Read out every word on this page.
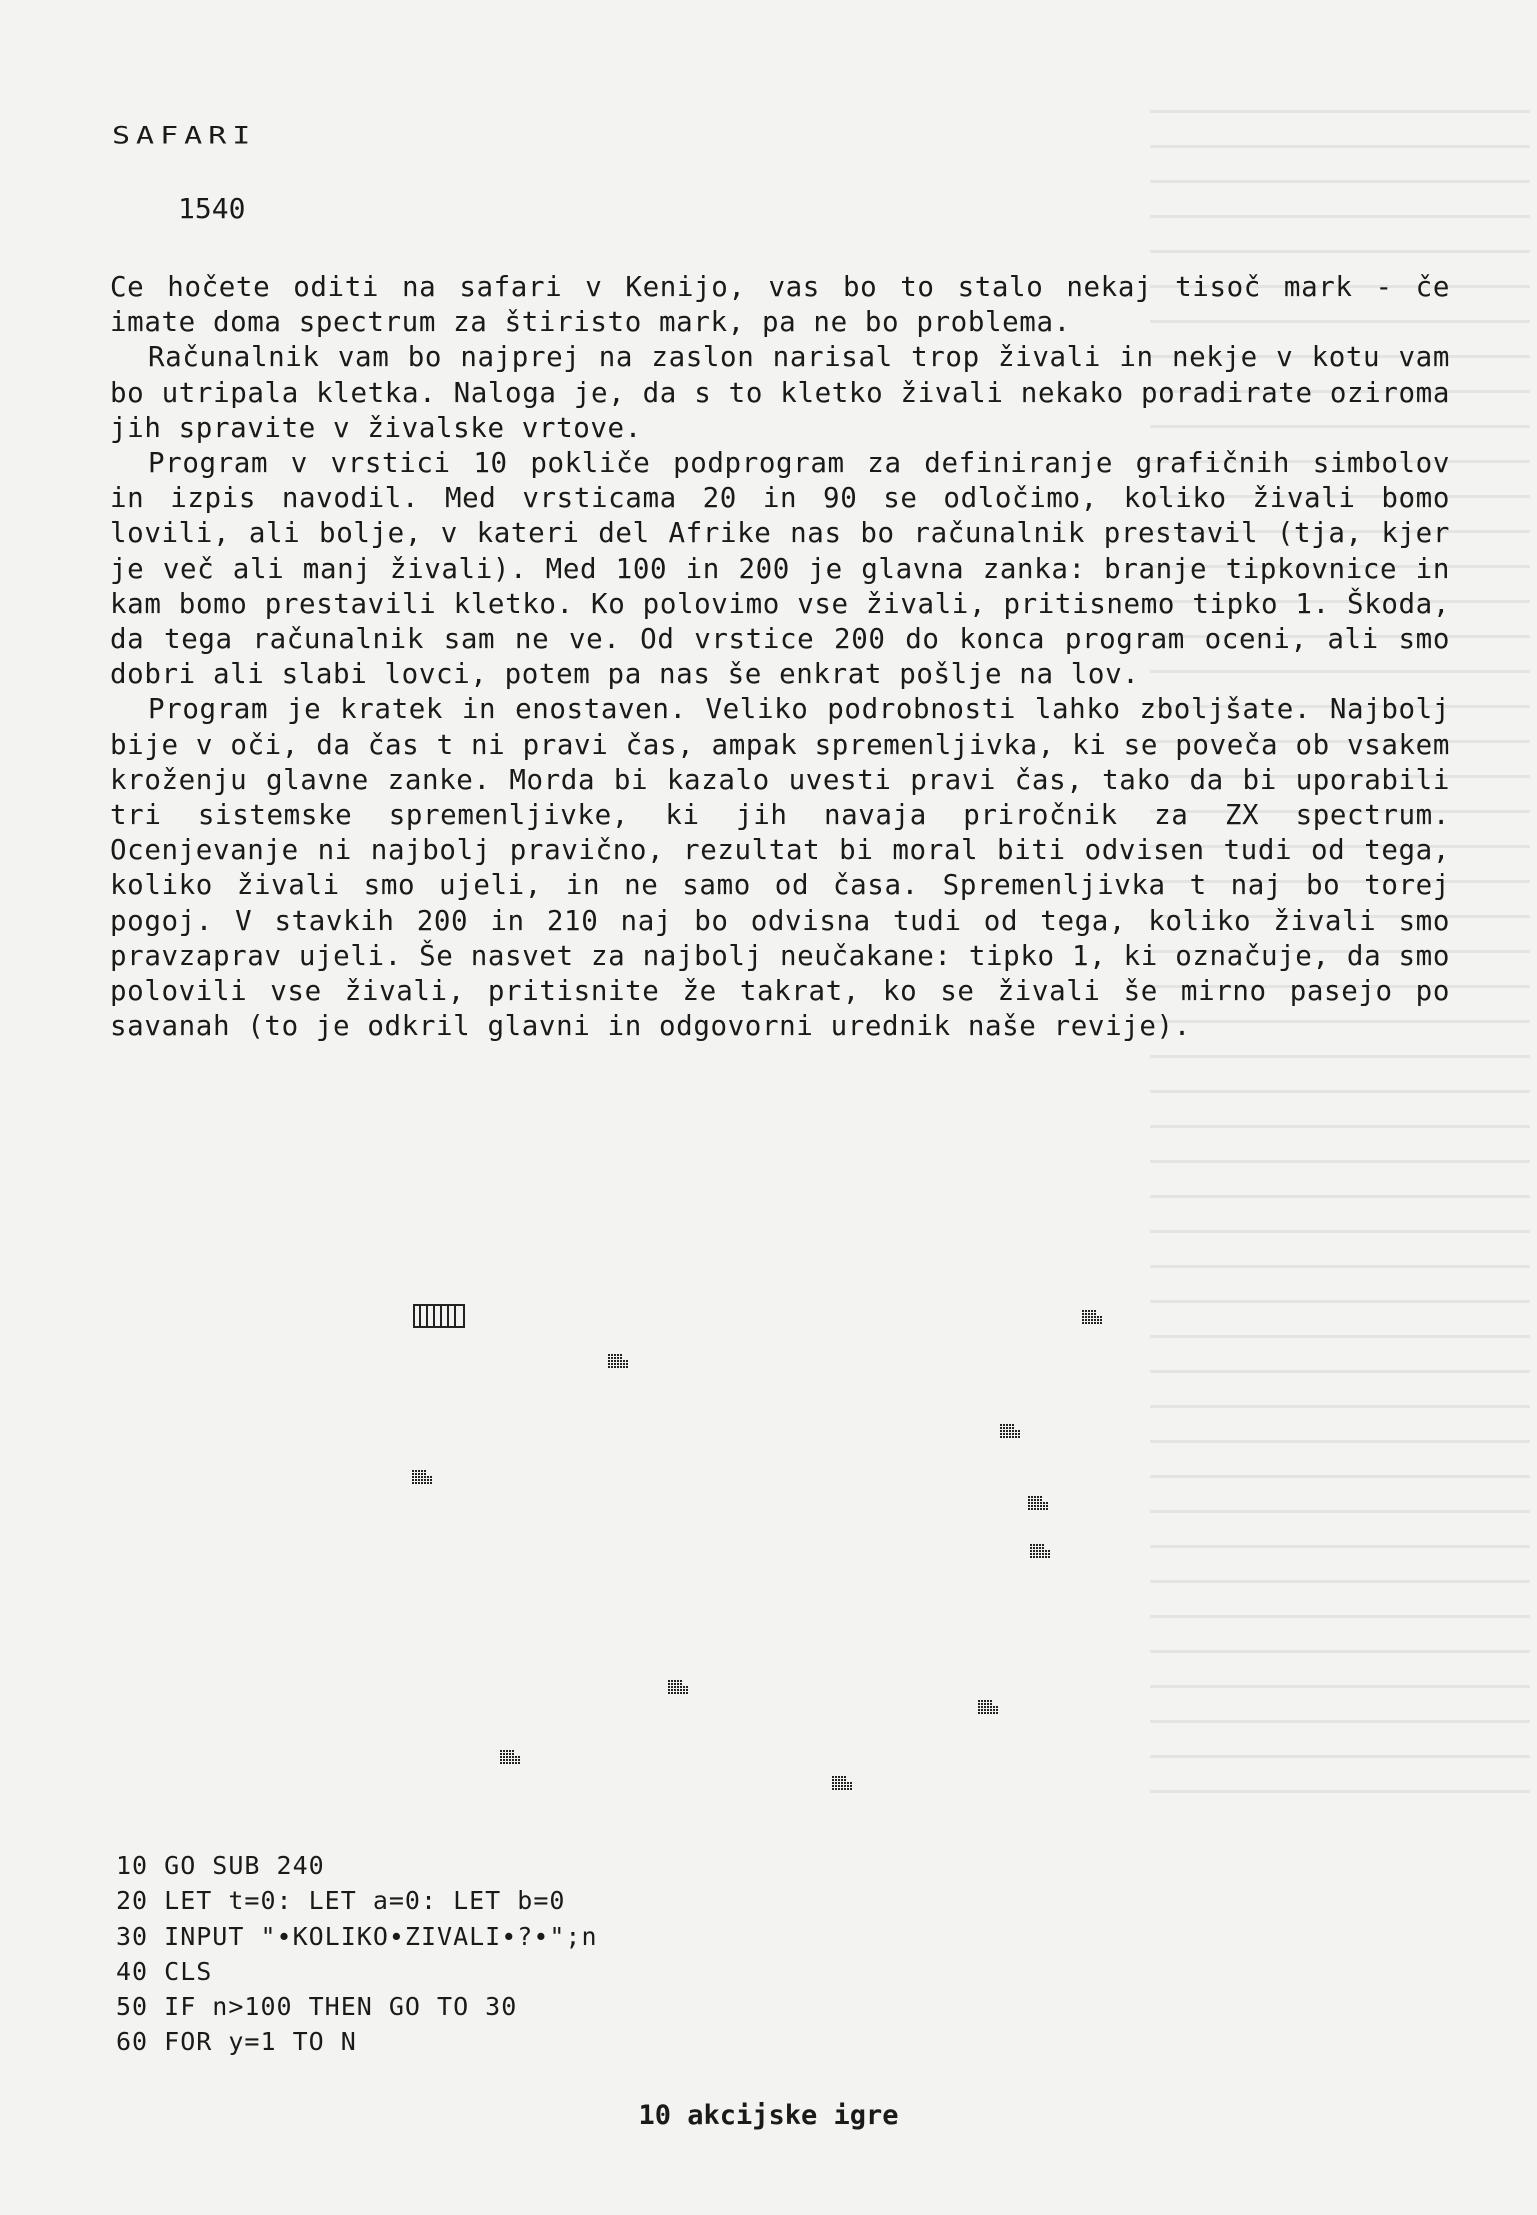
SAFARI
1540

Ce hočete oditi na safari v Kenijo, vas bo to stalo nekaj tisoč mark - če imate doma spectrum za štiristo mark, pa ne bo problema.

Računalnik vam bo najprej na zaslon narisal trop živali in nekje v kotu vam bo utripala kletka. Naloga je, da s to kletko živali nekako poradirate oziroma jih spravite v živalske vrtove.

Program v vrstici 10 pokliče podprogram za definiranje grafičnih simbolov in izpis navodil. Med vrsticama 20 in 90 se odločimo, koliko živali bomo lovili, ali bolje, v kateri del Afrike nas bo računalnik prestavil (tja, kjer je več ali manj živali). Med 100 in 200 je glavna zanka: branje tipkovnice in kam bomo prestavili kletko. Ko polovimo vse živali, pritisnemo tipko 1. Škoda, da tega računalnik sam ne ve. Od vrstice 200 do konca program oceni, ali smo dobri ali slabi lovci, potem pa nas še enkrat pošlje na lov.

Program je kratek in enostaven. Veliko podrobnosti lahko zboljšate. Najbolj bije v oči, da čas t ni pravi čas, ampak spremenljivka, ki se poveča ob vsakem kroženju glavne zanke. Morda bi kazalo uvesti pravi čas, tako da bi uporabili tri sistemske spremenljivke, ki jih navaja priročnik za ZX spectrum. Ocenjevanje ni najbolj pravično, rezultat bi moral biti odvisen tudi od tega, koliko živali smo ujeli, in ne samo od časa. Spremenljivka t naj bo torej pogoj. V stavkih 200 in 210 naj bo odvisna tudi od tega, koliko živali smo pravzaprav ujeli. Še nasvet za najbolj neučakane: tipko 1, ki označuje, da smo polovili vse živali, pritisnite že takrat, ko se živali še mirno pasejo po savanah (to je odkril glavni in odgovorni urednik naše revije).

10 GO SUB 240
20 LET t=0: LET a=0: LET b=0
30 INPUT "∙KOLIKO∙ZIVALI∙?∙";n
40 CLS
50 IF n>100 THEN GO TO 30
60 FOR y=1 TO N
10 akcijske igre
